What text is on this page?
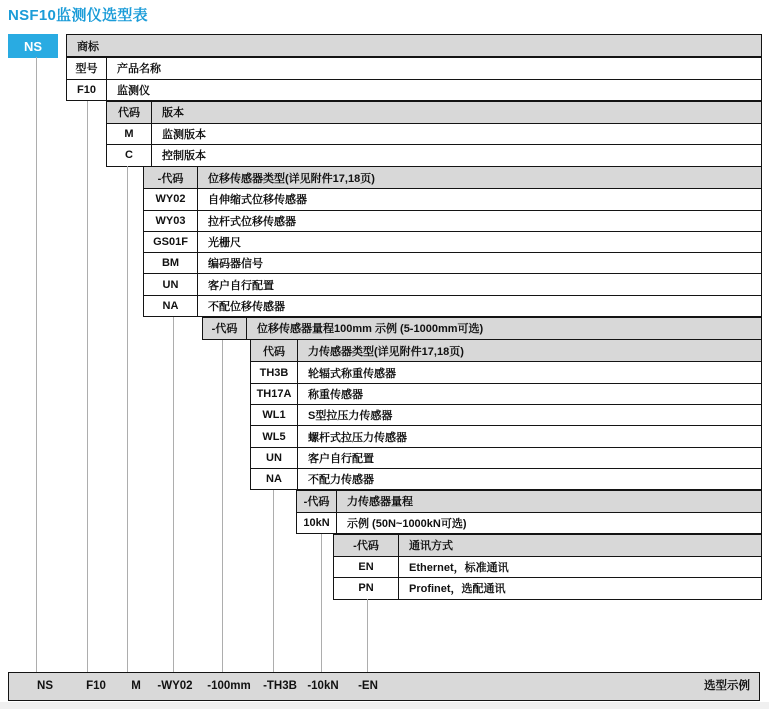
NSF10监测仪选型表
NS	商标
型号	产品名称
F10	监测仪
代码	版本
M	监测版本
C	控制版本
-代码	位移传感器类型(详见附件17,18页)
WY02	自伸缩式位移传感器
WY03	拉杆式位移传感器
GS01F	光栅尺
BM	编码器信号
UN	客户自行配置
NA	不配位移传感器
-代码	位移传感器量程100mm 示例 (5-1000mm可选)
代码	力传感器类型(详见附件17,18页)
TH3B	轮辐式称重传感器
TH17A	称重传感器
WL1	S型拉压力传感器
WL5	螺杆式拉压力传感器
UN	客户自行配置
NA	不配力传感器
-代码	力传感器量程
10kN	示例 (50N~1000kN可选)
-代码	通讯方式
EN	Ethernet，标准通讯
PN	Profinet，选配通讯
选型示例
NS	F10 M -WY02 -100mm -TH3B -10kN -EN
